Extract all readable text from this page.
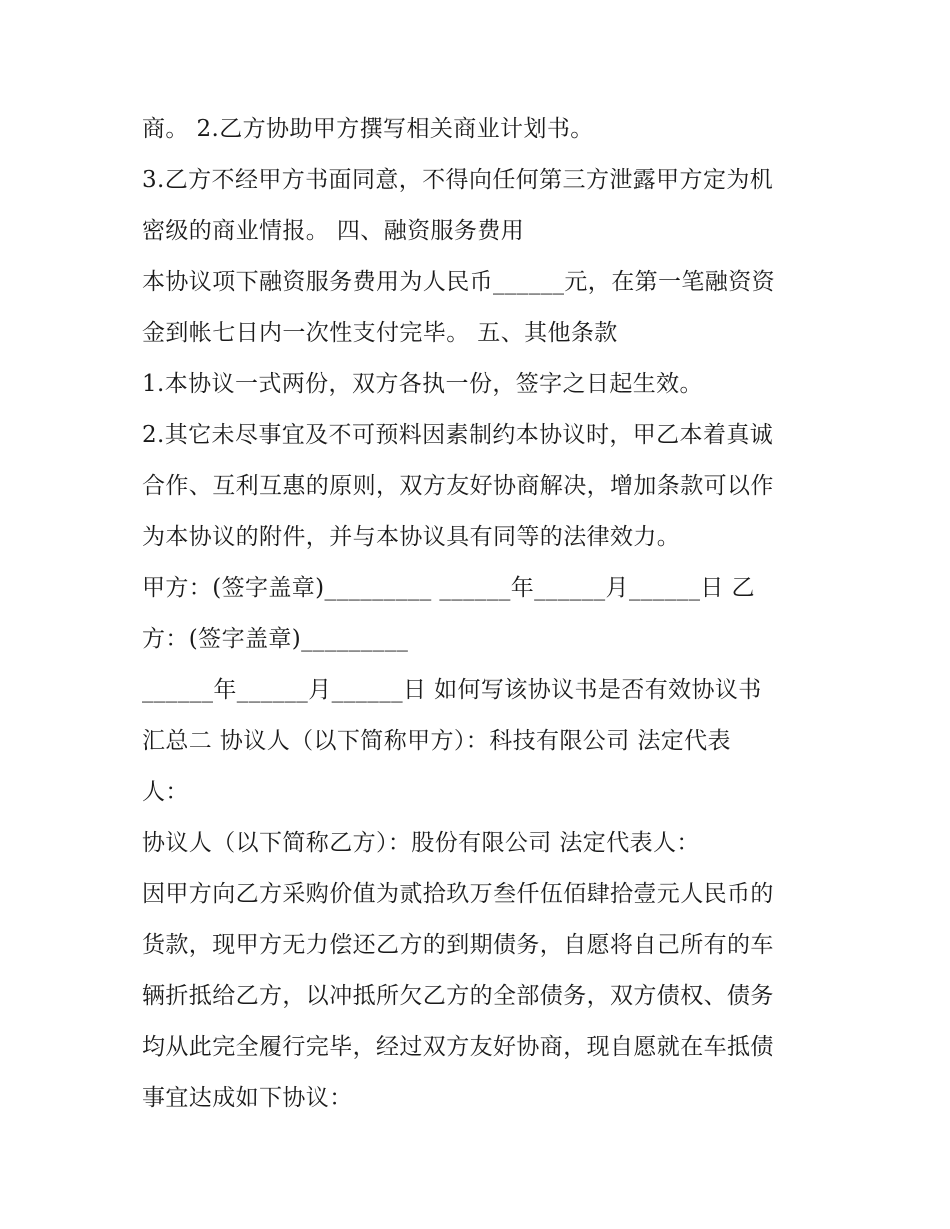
商。 2.乙方协助甲方撰写相关商业计划书。
3.乙方不经甲方书面同意，不得向任何第三方泄露甲方定为机
密级的商业情报。 四、融资服务费用
本协议项下融资服务费用为人民币______元，在第一笔融资资
金到帐七日内一次性支付完毕。 五、其他条款
1.本协议一式两份，双方各执一份，签字之日起生效。
2.其它未尽事宜及不可预料因素制约本协议时，甲乙本着真诚
合作、互利互惠的原则，双方友好协商解决，增加条款可以作
为本协议的附件，并与本协议具有同等的法律效力。
甲方：(签字盖章)_________ ______年______月______日 乙
方：(签字盖章)_________
______年______月______日 如何写该协议书是否有效协议书
汇总二 协议人（以下简称甲方）：科技有限公司 法定代表
人：
协议人（以下简称乙方）：股份有限公司 法定代表人：
因甲方向乙方采购价值为贰拾玖万叁仟伍佰肆拾壹元人民币的
货款，现甲方无力偿还乙方的到期债务，自愿将自己所有的车
辆折抵给乙方，以冲抵所欠乙方的全部债务，双方债权、债务
均从此完全履行完毕，经过双方友好协商，现自愿就在车抵债
事宜达成如下协议：
